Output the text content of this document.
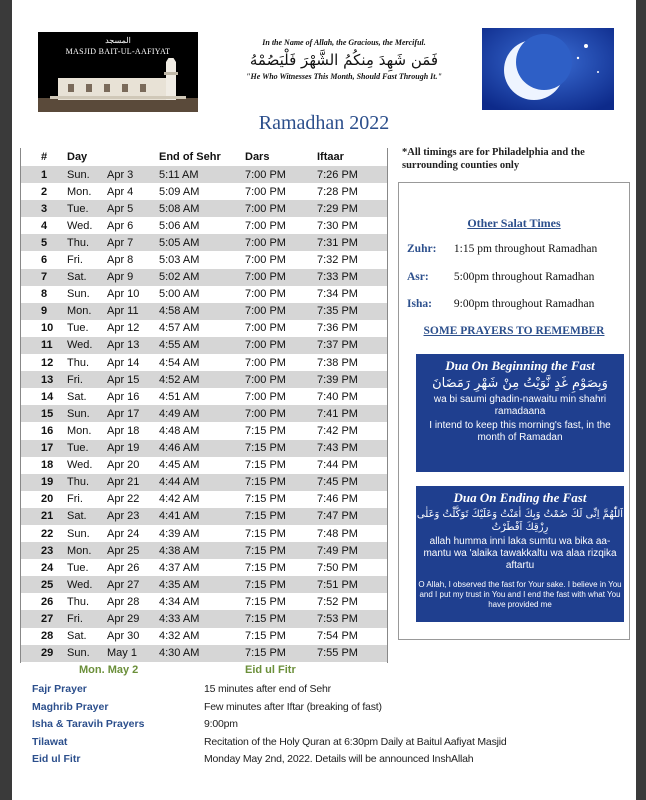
المسجد
MASJID BAIT-UL-AAFIYAT
In the Name of Allah, the Gracious, the Merciful.
فَمَن شَهِدَ مِنكُمُ الشَّهْرَ فَلْيَصُمْهُ
"He Who Witnesses This Month, Should Fast Through It."
Ramadhan 2022
#	Day	End of Sehr	Dars	Iftaar
1	Sun. Apr 3	5:11 AM	7:00 PM	7:26 PM
2	Mon. Apr 4	5:09 AM	7:00 PM	7:28 PM
3	Tue. Apr 5	5:08 AM	7:00 PM	7:29 PM
4	Wed. Apr 6	5:06 AM	7:00 PM	7:30 PM
5	Thu. Apr 7	5:05 AM	7:00 PM	7:31 PM
6	Fri. Apr 8	5:03 AM	7:00 PM	7:32 PM
7	Sat. Apr 9	5:02 AM	7:00 PM	7:33 PM
8	Sun. Apr 10	5:00 AM	7:00 PM	7:34 PM
9	Mon. Apr 11	4:58 AM	7:00 PM	7:35 PM
10	Tue. Apr 12	4:57 AM	7:00 PM	7:36 PM
11	Wed. Apr 13	4:55 AM	7:00 PM	7:37 PM
12	Thu. Apr 14	4:54 AM	7:00 PM	7:38 PM
13	Fri. Apr 15	4:52 AM	7:00 PM	7:39 PM
14	Sat. Apr 16	4:51 AM	7:00 PM	7:40 PM
15	Sun. Apr 17	4:49 AM	7:00 PM	7:41 PM
16	Mon. Apr 18	4:48 AM	7:15 PM	7:42 PM
17	Tue. Apr 19	4:46 AM	7:15 PM	7:43 PM
18	Wed. Apr 20	4:45 AM	7:15 PM	7:44 PM
19	Thu. Apr 21	4:44 AM	7:15 PM	7:45 PM
20	Fri. Apr 22	4:42 AM	7:15 PM	7:46 PM
21	Sat. Apr 23	4:41 AM	7:15 PM	7:47 PM
22	Sun. Apr 24	4:39 AM	7:15 PM	7:48 PM
23	Mon. Apr 25	4:38 AM	7:15 PM	7:49 PM
24	Tue. Apr 26	4:37 AM	7:15 PM	7:50 PM
25	Wed. Apr 27	4:35 AM	7:15 PM	7:51 PM
26	Thu. Apr 28	4:34 AM	7:15 PM	7:52 PM
27	Fri. Apr 29	4:33 AM	7:15 PM	7:53 PM
28	Sat. Apr 30	4:32 AM	7:15 PM	7:54 PM
29	Sun. May 1	4:30 AM	7:15 PM	7:55 PM
	Mon. May 2		Eid ul Fitr	
*All timings are for Philadelphia and the surrounding counties only
Other Salat Times
Zuhr: 1:15 pm throughout Ramadhan
Asr: 5:00pm throughout Ramadhan
Isha: 9:00pm throughout Ramadhan
SOME PRAYERS TO REMEMBER
Dua On Beginning the Fast
وَبِصَوْمِ غَدٍ نَّوَيْتُ مِنْ شَهْرِ رَمَضَانَ
wa bi saumi ghadin-nawaitu min shahri ramadaana
I intend to keep this morning's fast, in the month of Ramadan
Dua On Ending the Fast
اَللّٰهُمَّ اِنِّى لَكَ صُمْتُ وَبِكَ اٰمَنْتُ وَعَلَيْكَ تَوَكَّلْتُ وَعَلٰى رِزْقِكَ اَفْطَرْتُ
allah humma inni laka sumtu wa bika aa-mantu wa 'alaika tawakkaltu wa alaa rizqika aftartu
O Allah, I observed the fast for Your sake. I believe in You and I put my trust in You and I end the fast with what You have provided me
Fajr Prayer	15 minutes after end of Sehr
Maghrib Prayer	Few minutes after Iftar (breaking of fast)
Isha & Taravih Prayers	9:00pm
Tilawat	Recitation of the Holy Quran at 6:30pm Daily at Baitul Aafiyat Masjid
Eid ul Fitr	Monday May 2nd, 2022. Details will be announced InshAllah
